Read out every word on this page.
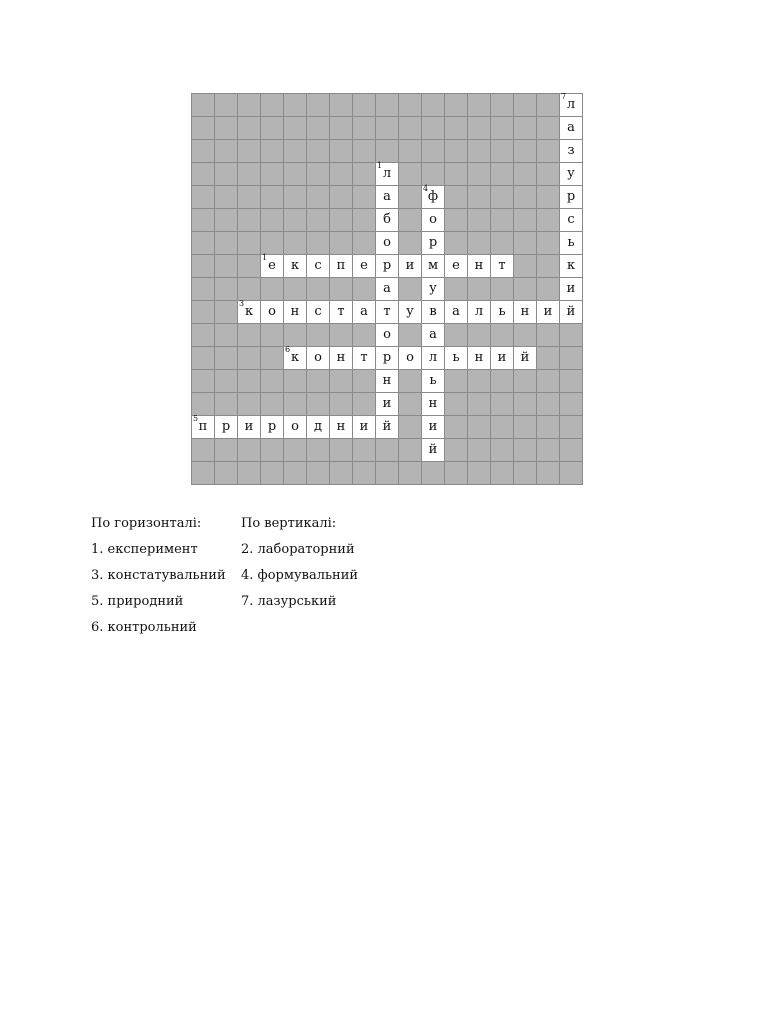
																7
л
																а
																з

								1
л								у
								а		4
ф						р
								б		о						с
								о		р						ь

			1
е	к	с	п	е	р	и	м	е	н	т			к
								а		у						и

		3
к	о	н	с	т	а	т	у	в	а	л	ь	н	и	й
								о		а						

				6
к	о	н	т	р	о	л	ь	н	и	й		
								н		ь						
								и		н						

5
п	р	и	р	о	д	н	и	й		и						
										й						

По горизонталі:
1. експеримент
3. констатувальний
5. природний
6. контрольний
По вертикалі:
2. лабораторний
4. формувальний
7. лазурський
